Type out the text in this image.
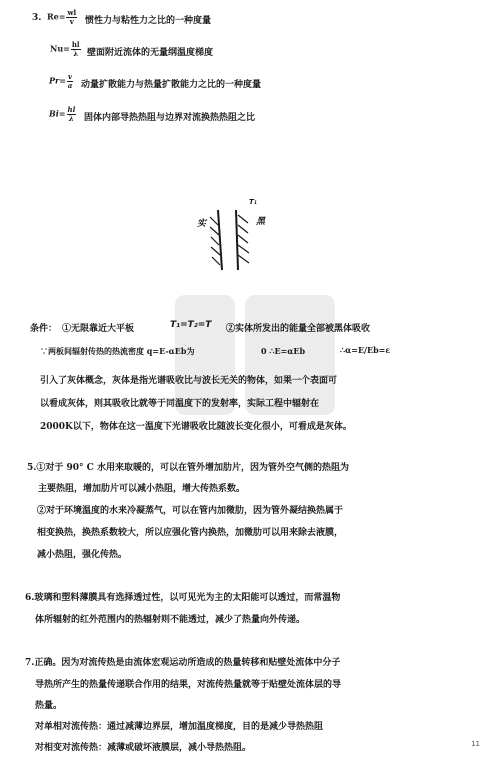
3. $Re= \frac{wl}{v}$ 惯性力与粘性力之比的一种度量
$Nu= \frac{hl}{\lambda}$ 壁面附近流体的无量纲温度梯度
$Pr= \frac{v}{a}$ 动量扩散能力与热量扩散能力之比的一种度量
$Bi= \frac{hl}{\lambda}$ 固体内部导热热阻与边界对流换热热阻之比
实
T₁
黑
条件： ①无限靠近大平板	T₁=T₂=T ②实体所发出的能量全部被黑体吸收
∵两板间辐射传热的热流密度 q=E-αEb为	0 ∴E=αEb	∴α=E/Eb=ε
引入了灰体概念，灰体是指光谱吸收比与波长无关的物体，如果一个表面可
以看成灰体，则其吸收比就等于同温度下的发射率，实际工程中辐射在
2000K以下，物体在这一温度下光谱吸收比随波长变化很小，可看成是灰体。
5.①对于 90° C 水用来取暖的，可以在管外增加肋片，因为管外空气侧的热阻为
主要热阻，增加肋片可以减小热阻，增大传热系数。
②对于环境温度的水来冷凝蒸气，可以在管内加微肋，因为管外凝结换热属于
相变换热，换热系数较大，所以应强化管内换热，加微肋可以用来除去液膜，
减小热阻，强化传热。
6.玻璃和塑料薄膜具有选择透过性，以可见光为主的太阳能可以透过，而常温物
体所辐射的红外范围内的热辐射则不能透过，减少了热量向外传递。
7.正确。因为对流传热是由流体宏观运动所造成的热量转移和贴壁处流体中分子
导热所产生的热量传递联合作用的结果，对流传热量就等于贴壁处流体层的导
热量。
对单相对流传热：通过减薄边界层，增加温度梯度，目的是减少导热热阻
对相变对流传热：减薄或破坏液膜层，减小导热热阻。	11
